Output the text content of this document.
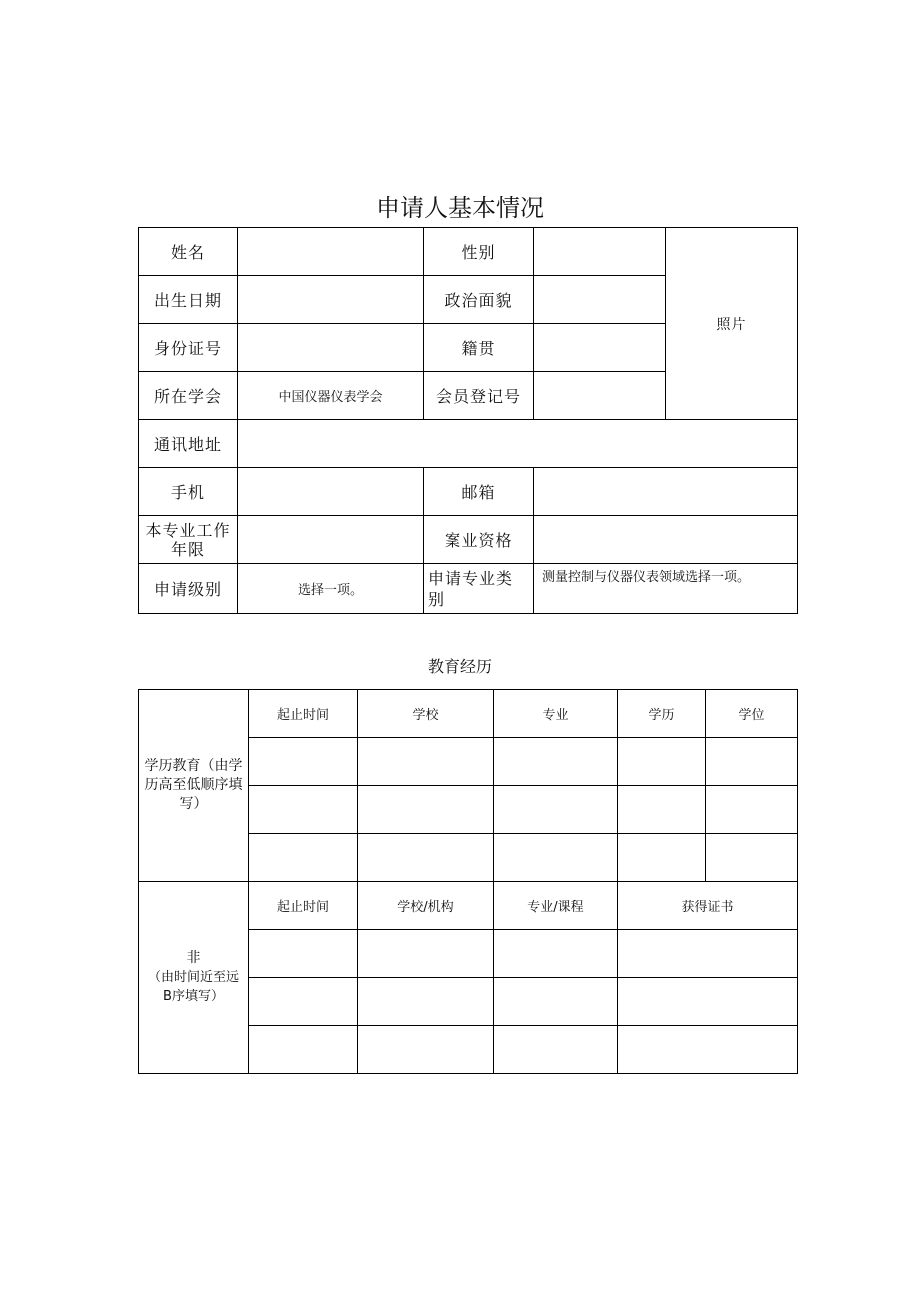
申请人基本情况
姓名		性别		照片
出生日期		政治面貌		
身份证号		籍贯		
所在学会	中国仪器仪表学会	会员登记号		
通讯地址				
手机		邮箱		
本专业工作年限		䅁业资格		
申请级别	选择一项。	申请专业类别	测量控制与仪器仪表领域选择一项。	
教育经历
学历教育（由学历高至低顺序填写）	起止时间	学校	专业	学历	学位

非
（由时间近至远
B序填写）	起止时间	学校/机构	专业/课程	获得证书	
